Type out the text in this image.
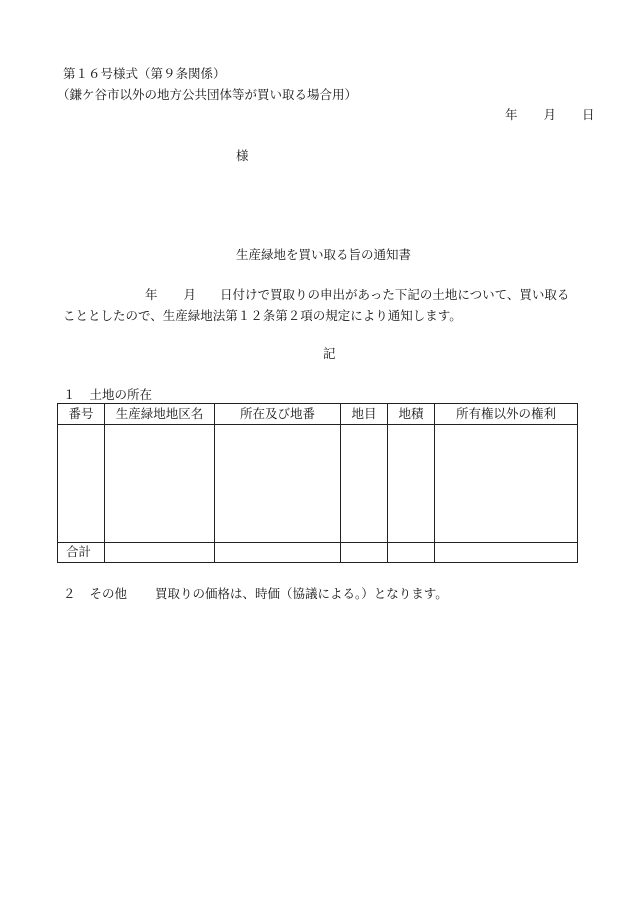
第１６号様式（第９条関係）
（鎌ケ谷市以外の地方公共団体等が買い取る場合用）
年 月 日
様
生産緑地を買い取る旨の通知書
年 月 日付けで買取りの申出があった下記の土地について、買い取る
こととしたので、生産緑地法第１２条第２項の規定により通知します。
記
１ 土地の所在
番号	生産緑地地区名	所在及び地番	地目	地積	所有権以外の権利

合計					
２ その他 買取りの価格は、時価（協議による。）となります。
